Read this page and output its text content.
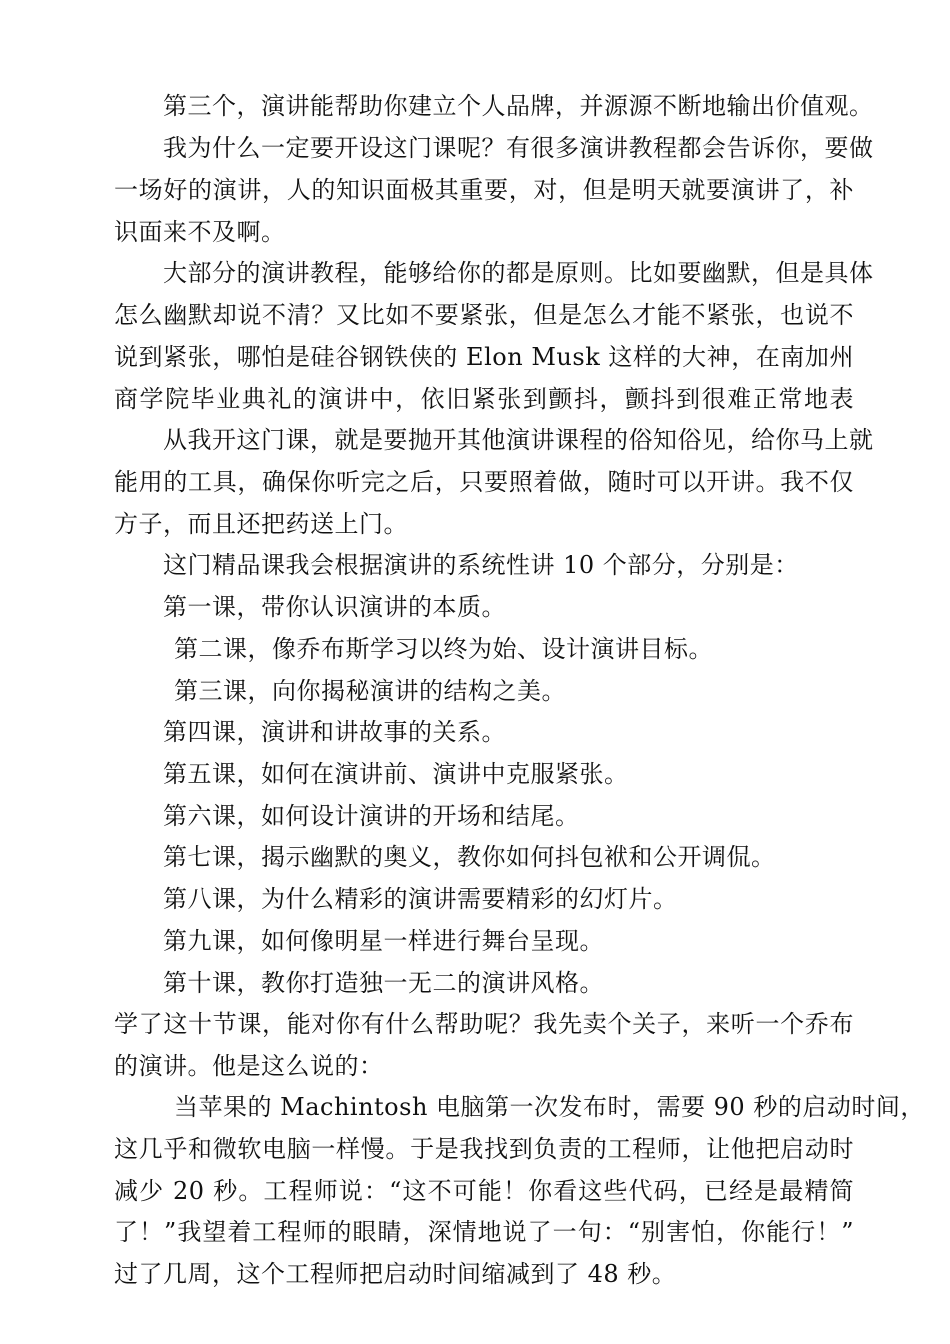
第三个，演讲能帮助你建立个人品牌，并源源不断地输出价值观。
我为什么一定要开设这门课呢？有很多演讲教程都会告诉你，要做
一场好的演讲，人的知识面极其重要，对，但是明天就要演讲了，补
识面来不及啊。
大部分的演讲教程，能够给你的都是原则。比如要幽默，但是具体
怎么幽默却说不清？又比如不要紧张，但是怎么才能不紧张，也说不
说到紧张，哪怕是硅谷钢铁侠的 Elon Musk 这样的大神，在南加州
商学院毕业典礼的演讲中，依旧紧张到颤抖，颤抖到很难正常地表
从我开这门课，就是要抛开其他演讲课程的俗知俗见，给你马上就
能用的工具，确保你听完之后，只要照着做，随时可以开讲。我不仅
方子，而且还把药送上门。
这门精品课我会根据演讲的系统性讲 10 个部分，分别是：
第一课，带你认识演讲的本质。
第二课，像乔布斯学习以终为始、设计演讲目标。
第三课，向你揭秘演讲的结构之美。
第四课，演讲和讲故事的关系。
第五课，如何在演讲前、演讲中克服紧张。
第六课，如何设计演讲的开场和结尾。
第七课，揭示幽默的奥义，教你如何抖包袱和公开调侃。
第八课，为什么精彩的演讲需要精彩的幻灯片。
第九课，如何像明星一样进行舞台呈现。
第十课，教你打造独一无二的演讲风格。
学了这十节课，能对你有什么帮助呢？我先卖个关子，来听一个乔布
的演讲。他是这么说的：
当苹果的 Machintosh 电脑第一次发布时，需要 90 秒的启动时间，
这几乎和微软电脑一样慢。于是我找到负责的工程师，让他把启动时
减少 20 秒。工程师说：“这不可能！你看这些代码，已经是最精简
了！”我望着工程师的眼睛，深情地说了一句：“别害怕，你能行！”
过了几周，这个工程师把启动时间缩减到了 48 秒。
